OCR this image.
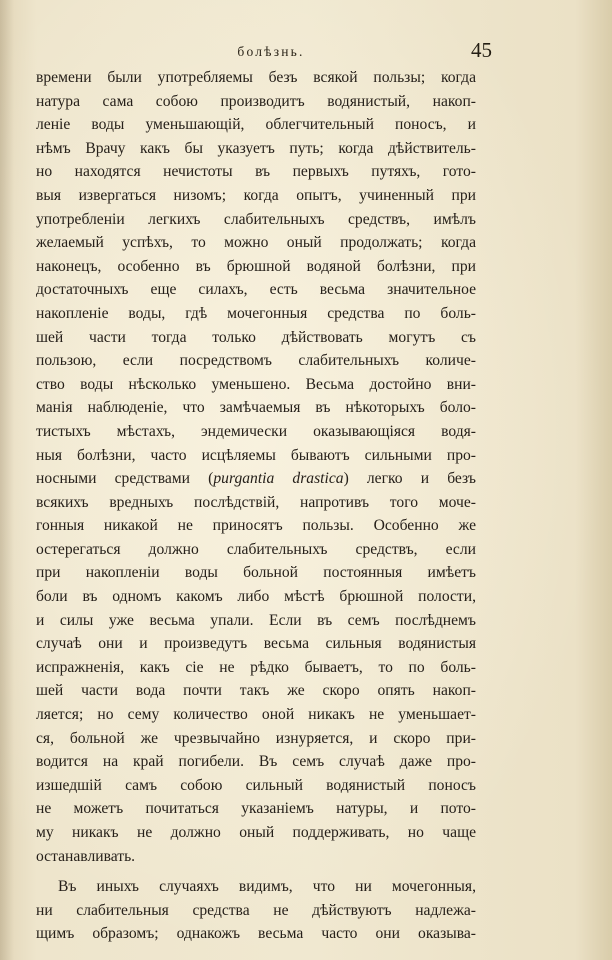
болѣзнь.	45
времени были употребляемы безъ всякой пользы; когда
натура сама собою производитъ водянистый, накоп-
леніе воды уменьшающій, облегчительный поносъ, и
нѣмъ Врачу какъ бы указуетъ путь; когда дѣйствитель-
но находятся нечистоты въ первыхъ путяхъ, гото-
выя извергаться низомъ; когда опытъ, учиненный при
употребленіи легкихъ слабительныхъ средствъ, имѣлъ
желаемый успѣхъ, то можно оный продолжать; когда
наконецъ, особенно въ брюшной водяной болѣзни, при
достаточныхъ еще силахъ, есть весьма значительное
накопленіе воды, гдѣ мочегонныя средства по боль-
шей части тогда только дѣйствовать могутъ съ
пользою, если посредствомъ слабительныхъ количе-
ство воды нѣсколько уменьшено. Весьма достойно вни-
манія наблюденіе, что замѣчаемыя въ нѣкоторыхъ боло-
тистыхъ мѣстахъ, эндемически оказывающіяся водя-
ныя болѣзни, часто исцѣляемы бываютъ сильными про-
носными средствами (purgantia drastica) легко и безъ
всякихъ вредныхъ послѣдствій, напротивъ того мочe-
гонныя никакой не приносятъ пользы. Особенно же
остерегаться должно слабительныхъ средствъ, если
при накопленіи воды больной постоянныя имѣетъ
боли въ одномъ какомъ либо мѣстѣ брюшной полости,
и силы уже весьма упали. Если въ семъ послѣднемъ
случаѣ они и произведутъ весьма сильныя водянистыя
испражненія, какъ сіе не рѣдко бываетъ, то по боль-
шей части вода почти такъ же скоро опять накоп-
ляется; но сему количество оной никакъ не уменьшает-
ся, больной же чрезвычайно изнуряется, и скоро при-
водится на край погибели. Въ семъ случаѣ даже про-
изшедшій самъ собою сильный водянистый поносъ
не можетъ почитаться указаніемъ натуры, и пото-
му никакъ не должно оный поддерживать, но чаще
останавливать.
Въ иныхъ случаяхъ видимъ, что ни мочегонныя,
ни слабительныя средства не дѣйствуютъ надлежа-
щимъ образомъ; однакожъ весьма часто они оказыва-
